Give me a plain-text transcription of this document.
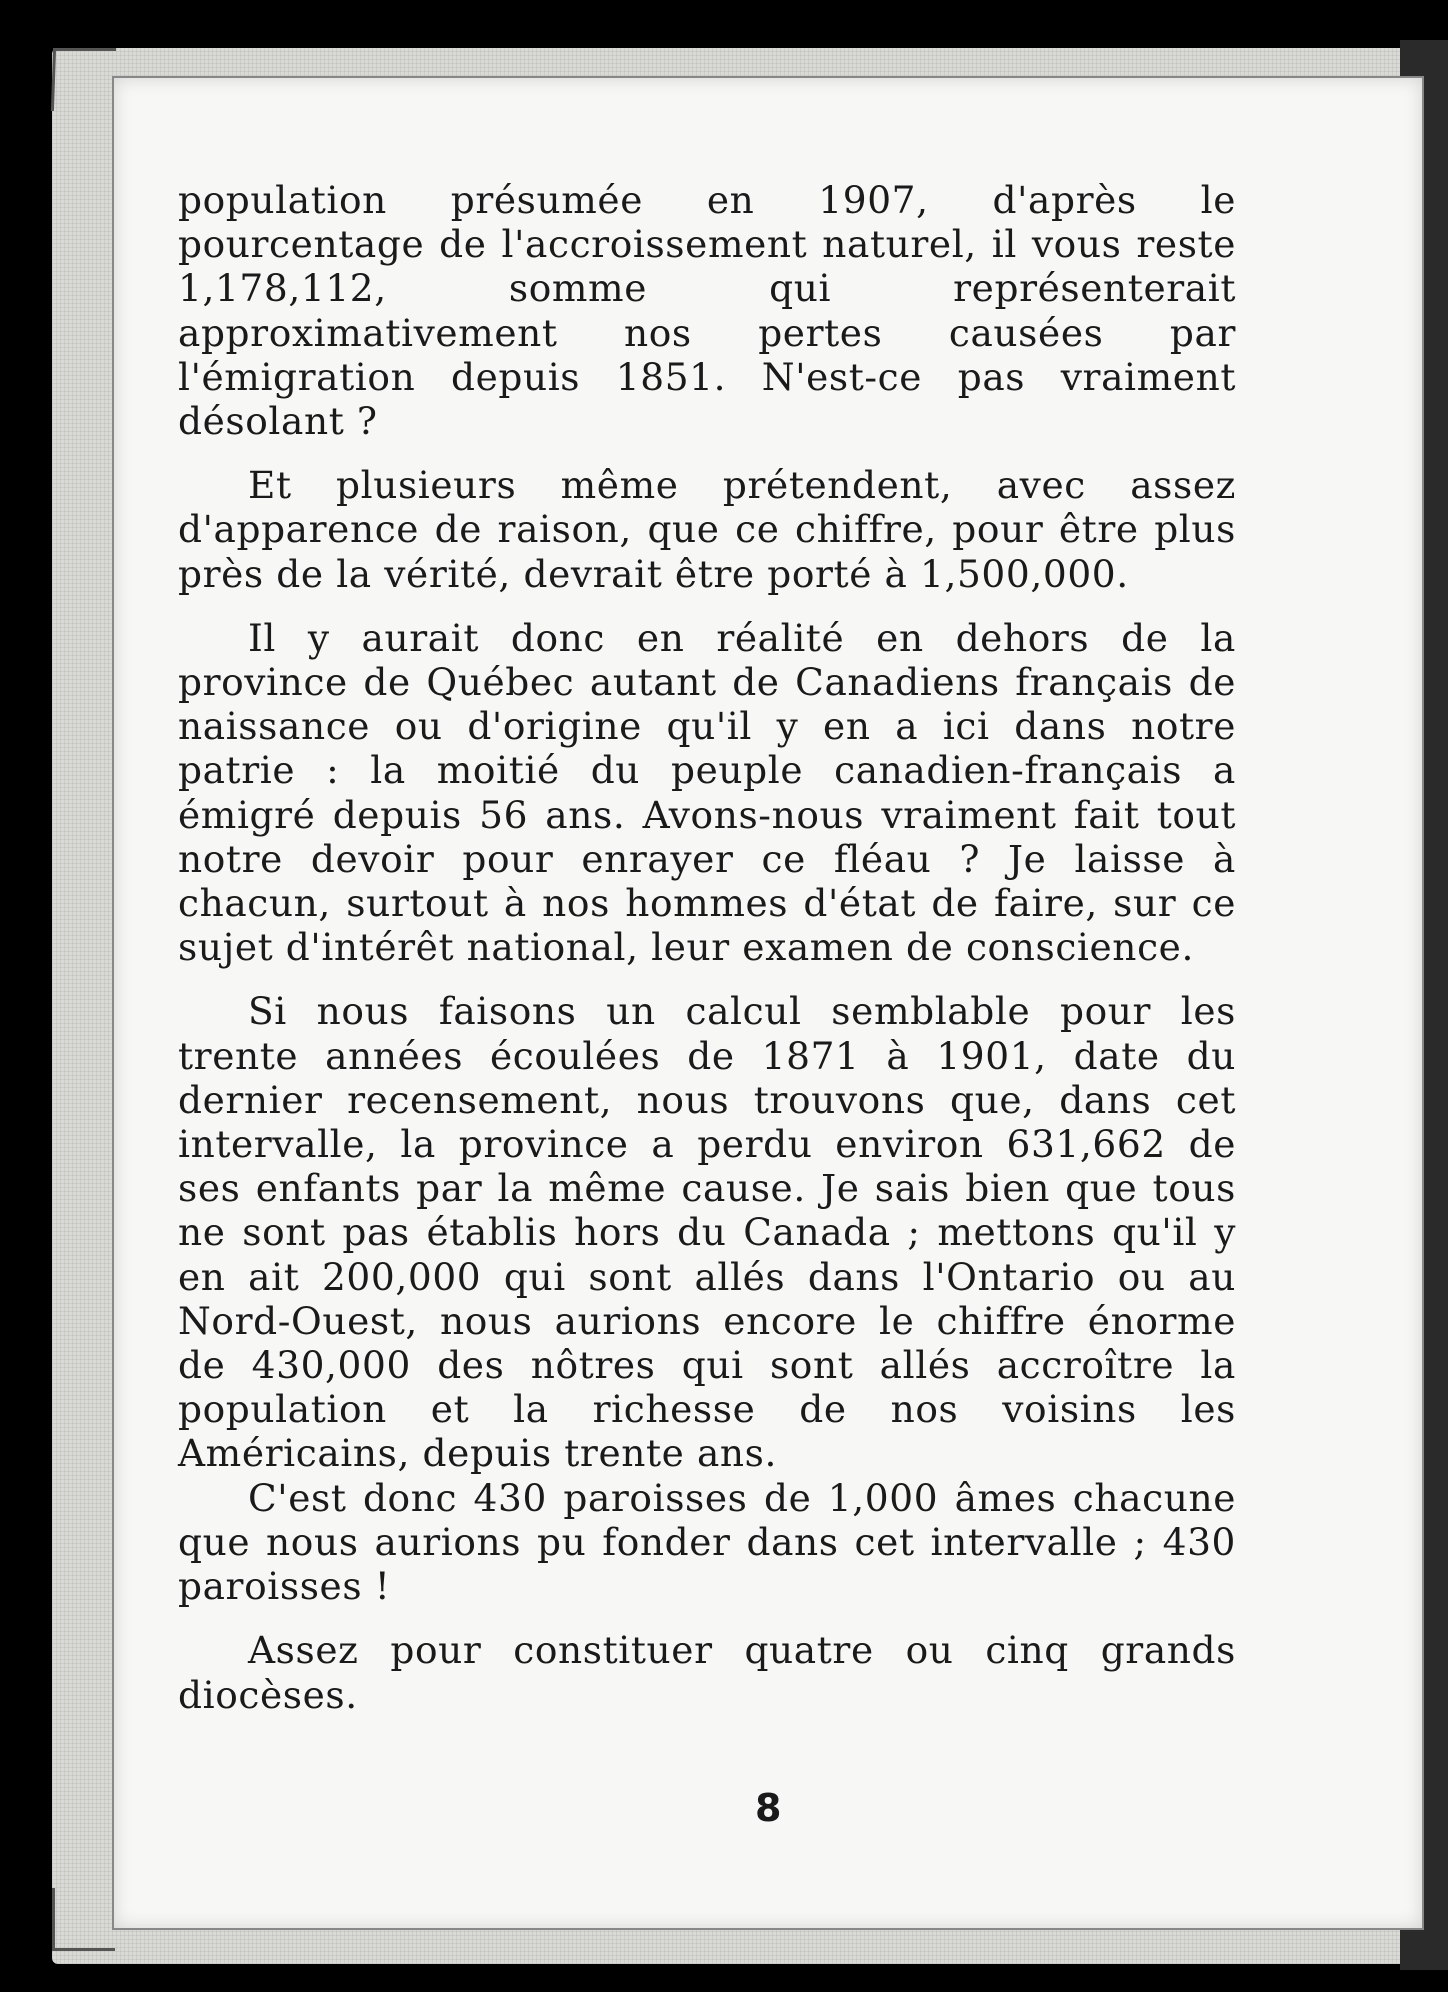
population présumée en 1907, d'après le pourcentage de l'accroissement naturel, il vous reste 1,178,112, somme qui représenterait approximativement nos pertes causées par l'émigration depuis 1851. N'est-ce pas vraiment désolant ?

Et plusieurs même prétendent, avec assez d'apparence de raison, que ce chiffre, pour être plus près de la vérité, devrait être porté à 1,500,000.

Il y aurait donc en réalité en dehors de la province de Québec autant de Canadiens français de naissance ou d'origine qu'il y en a ici dans notre patrie : la moitié du peuple canadien-français a émigré depuis 56 ans. Avons-nous vraiment fait tout notre devoir pour enrayer ce fléau ? Je laisse à chacun, surtout à nos hommes d'état de faire, sur ce sujet d'intérêt national, leur examen de conscience.

Si nous faisons un calcul semblable pour les trente années écoulées de 1871 à 1901, date du dernier recensement, nous trouvons que, dans cet intervalle, la province a perdu environ 631,662 de ses enfants par la même cause. Je sais bien que tous ne sont pas établis hors du Canada ; mettons qu'il y en ait 200,000 qui sont allés dans l'Ontario ou au Nord-Ouest, nous aurions encore le chiffre énorme de 430,000 des nôtres qui sont allés accroître la population et la richesse de nos voisins les Américains, depuis trente ans.

C'est donc 430 paroisses de 1,000 âmes chacune que nous aurions pu fonder dans cet intervalle ; 430 paroisses !

Assez pour constituer quatre ou cinq grands diocèses.

8
